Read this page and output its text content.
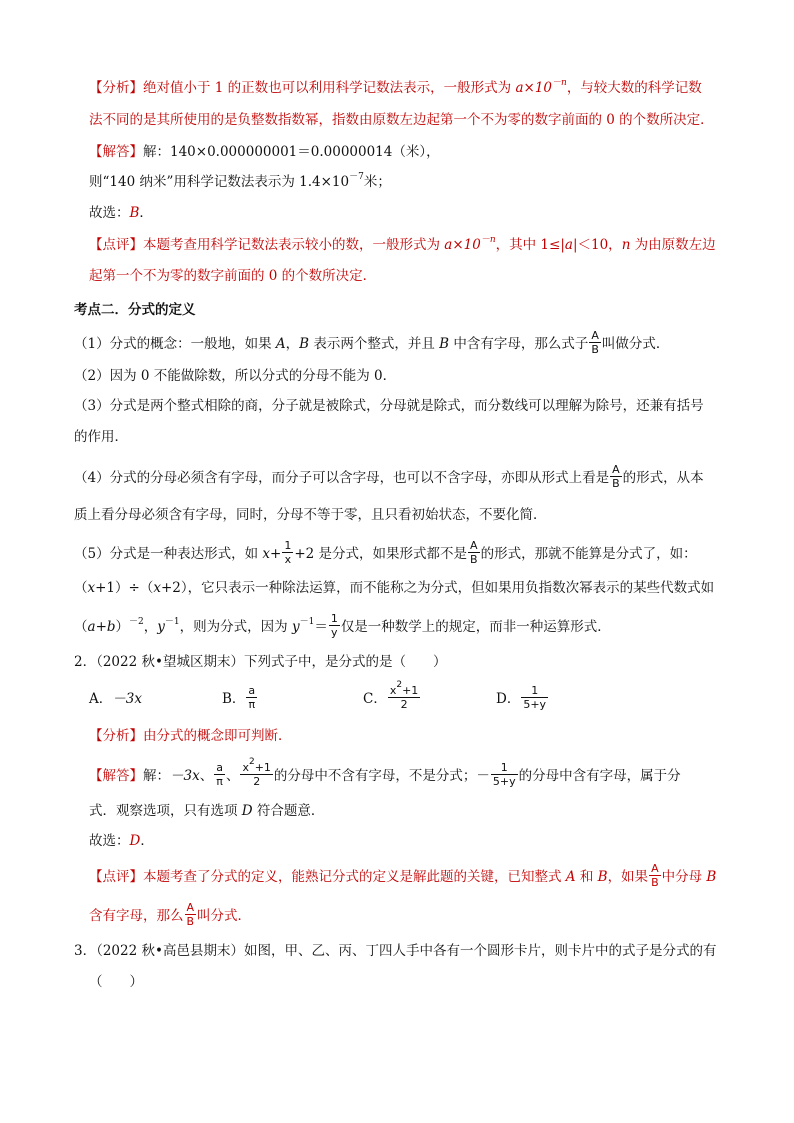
【分析】绝对值小于 1 的正数也可以利用科学记数法表示，一般形式为 $a\times 10^{-n}$，与较大数的科学记数
法不同的是其所使用的是负整数指数幂，指数由原数左边起第一个不为零的数字前面的 0 的个数所决定．
【解答】解：140×0.000000001＝0.00000014（米），
则“140 纳米”用科学记数法表示为 $1.4\times 10^{-7}$米；
故选：B．
【点评】本题考查用科学记数法表示较小的数，一般形式为 $a\times 10^{-n}$，其中 1≤|a|＜10，n 为由原数左边
起第一个不为零的数字前面的 0 的个数所决定．
考点二．分式的定义
（1）分式的概念：一般地，如果 A，B 表示两个整式，并且 B 中含有字母，那么式子 $\frac{A}{B}$ 叫做分式．
（2）因为 0 不能做除数，所以分式的分母不能为 0．
（3）分式是两个整式相除的商，分子就是被除式，分母就是除式，而分数线可以理解为除号，还兼有括号
的作用．
（4）分式的分母必须含有字母，而分子可以含字母，也可以不含字母，亦即从形式上看是 $\frac{A}{B}$ 的形式，从本
质上看分母必须含有字母，同时，分母不等于零，且只看初始状态，不要化简．
（5）分式是一种表达形式，如 $x+ \frac{1}{x} +2$ 是分式，如果形式都不是 $\frac{A}{B}$ 的形式，那就不能算是分式了，如：
（x+1）÷（x+2），它只表示一种除法运算，而不能称之为分式，但如果用负指数次幂表示的某些代数式如
$(a+b)^{-2}$，$y^{-1}$，则为分式，因为 $y^{-1}= \frac{1}{y}$ 仅是一种数学上的规定，而非一种运算形式．
2．（2022 秋•望城区期末）下列式子中，是分式的是（　　）
A．－3x	B． $\frac{a}{\pi}$	C． $\frac{x^2+1}{2}$	D． $\frac{1}{5+y}$
【分析】由分式的概念即可判断．
【解答】解：－3x、 $\frac{a}{\pi}$ 、 $\frac{x^2+1}{2}$ 的分母中不含有字母，不是分式；－ $\frac{1}{5+y}$ 的分母中含有字母，属于分
式．观察选项，只有选项 D 符合题意．
故选：D．
【点评】本题考查了分式的定义，能熟记分式的定义是解此题的关键，已知整式 A 和 B，如果 $\frac{A}{B}$ 中分母 B
含有字母，那么 $\frac{A}{B}$ 叫分式．
3．（2022 秋•高邑县期末）如图，甲、乙、丙、丁四人手中各有一个圆形卡片，则卡片中的式子是分式的有
（　　）
